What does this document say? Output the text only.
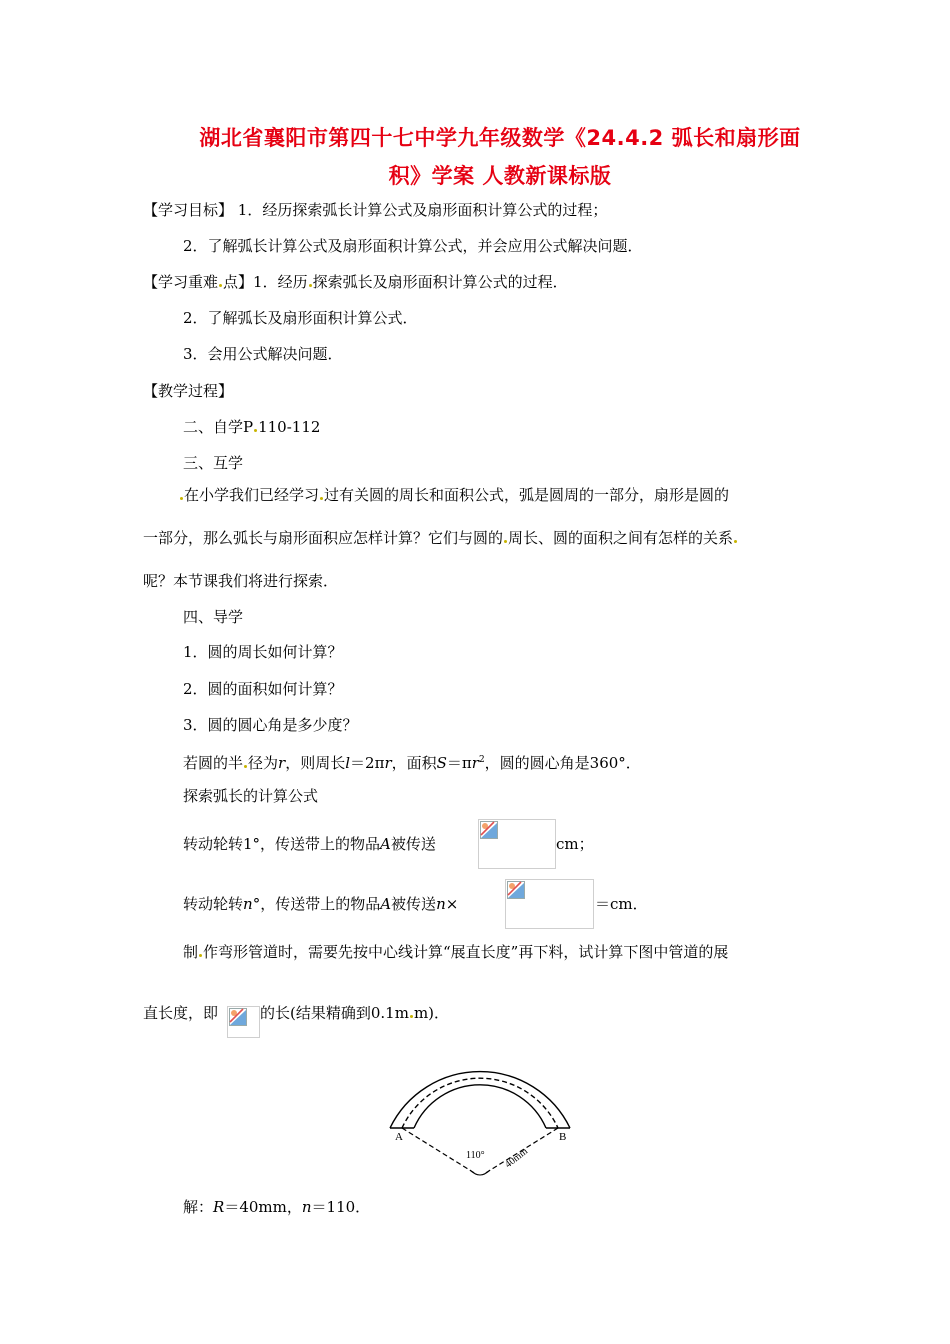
湖北省襄阳市第四十七中学九年级数学《24.4.2 弧长和扇形面
积》学案 人教新课标版
【学习目标】 1．经历探索弧长计算公式及扇形面积计算公式的过程；
2．了解弧长计算公式及扇形面积计算公式，并会应用公式解决问题．
【学习重难 点】1．经历 探索弧长及扇形面积计算公式的过程．
2．了解弧长及扇形面积计算公式．
3．会用公式解决问题．
【教学过程】
二、自学P 110-112
三、互学
在小学我们已经学习 过有关圆的周长和面积公式，弧是圆周的一部分，扇形是圆的
一部分，那么弧长与扇形面积应怎样计算？它们与圆的 周长、圆的面积之间有怎样的关系
呢？本节课我们将进行探索．
四、导学
1．圆的周长如何计算？
2．圆的面积如何计算？
3．圆的圆心角是多少度？
若圆的半 径为r，则周长l＝2πr，面积$S=\pi r^2$，圆的圆心角是360°．
探索弧长的计算公式
转动轮转1°，传送带上的物品A被传送	cm；
转动轮转n°，传送带上的物品A被传送n×	＝cm．
制 作弯形管道时，需要先按中心线计算“展直长度”再下料，试计算下图中管道的展
直长度，即	的长(结果精确到0.1m m)．
A	B
110° 40mm
解：R＝40mm，n＝110．
